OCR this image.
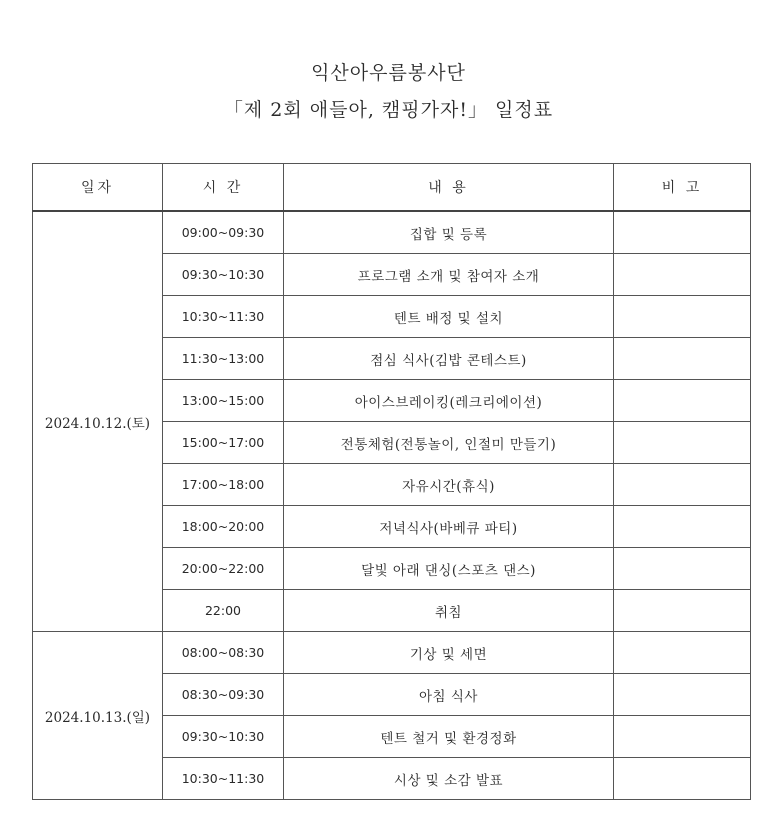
익산아우름봉사단
「제 2회 애들아, 캠핑가자!」 일정표
일자	시 간	내 용	비 고
2024.10.12.(토)	09:00~09:30	집합 및 등록	
	09:30~10:30	프로그램 소개 및 참여자 소개	
	10:30~11:30	텐트 배정 및 설치	
	11:30~13:00	점심 식사(김밥 콘테스트)	
	13:00~15:00	아이스브레이킹(레크리에이션)	
	15:00~17:00	전통체험(전통놀이, 인절미 만들기)	
	17:00~18:00	자유시간(휴식)	
	18:00~20:00	저녁식사(바베큐 파티)	
	20:00~22:00	달빛 아래 댄싱(스포츠 댄스)	
	22:00	취침	
2024.10.13.(일)	08:00~08:30	기상 및 세면	
	08:30~09:30	아침 식사	
	09:30~10:30	텐트 철거 및 환경정화	
	10:30~11:30	시상 및 소감 발표	
